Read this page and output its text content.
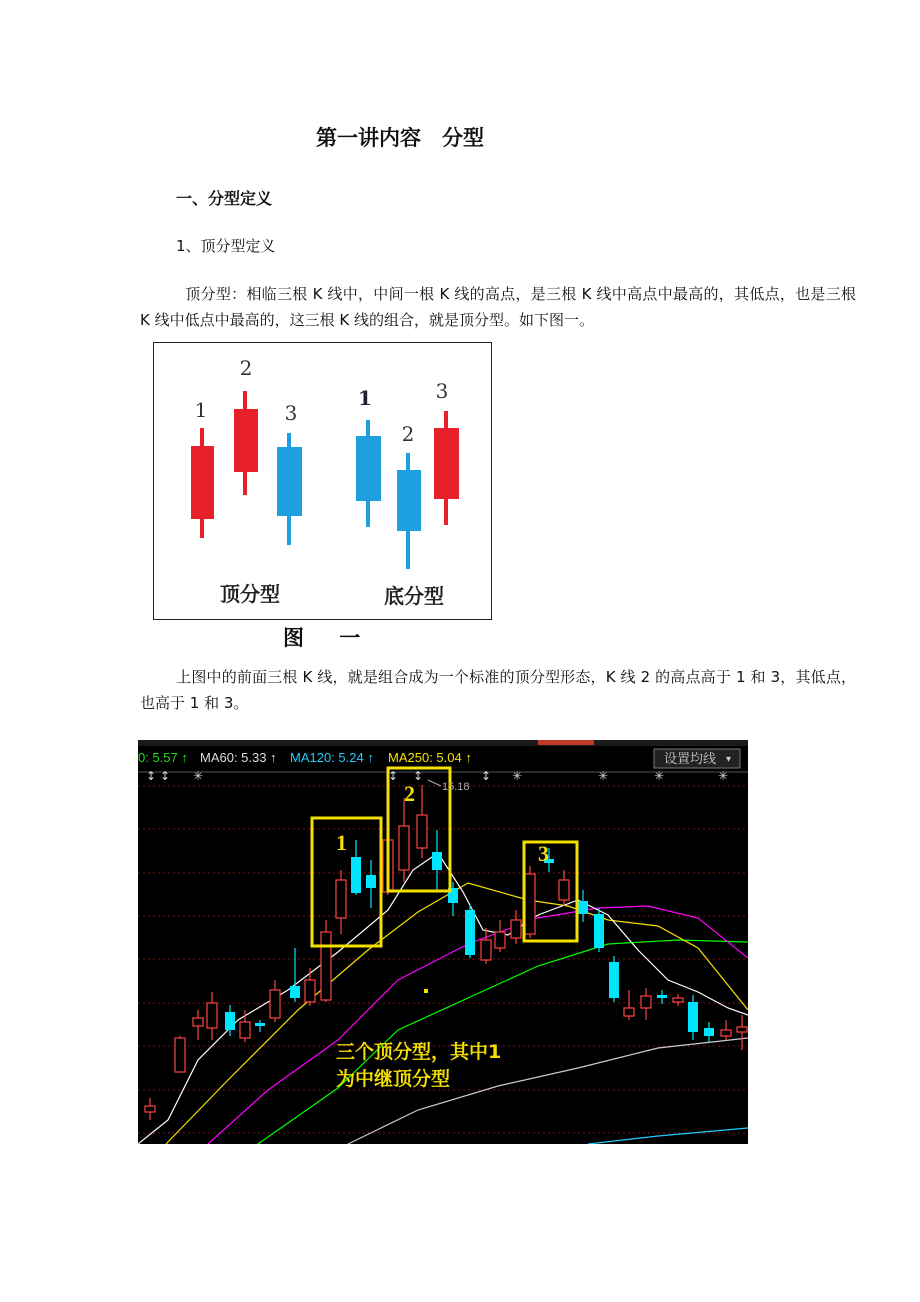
第一讲内容　分型
一、分型定义
1、顶分型定义
顶分型：相临三根 K 线中，中间一根 K 线的高点，是三根 K 线中高点中最高的，其低点，也是三根 K 线中低点中最高的，这三根 K 线的组合，就是顶分型。如下图一。
1
2
3
1
2
3
顶分型	底分型
图 一
上图中的前面三根 K 线，就是组合成为一个标准的顶分型形态，K 线 2 的高点高于 1 和 3，其低点，也高于 1 和 3。
0: 5.57 ↑ MA60: 5.33 ↑ MA120: 5.24 ↑ MA250: 5.04 ↑	设置均线 ▾
↕ ↕ ✳	↕ ↕	↕ ✳	✳	✳	✳
1
2
3
15.18
三个顶分型，其中1
为中继顶分型
